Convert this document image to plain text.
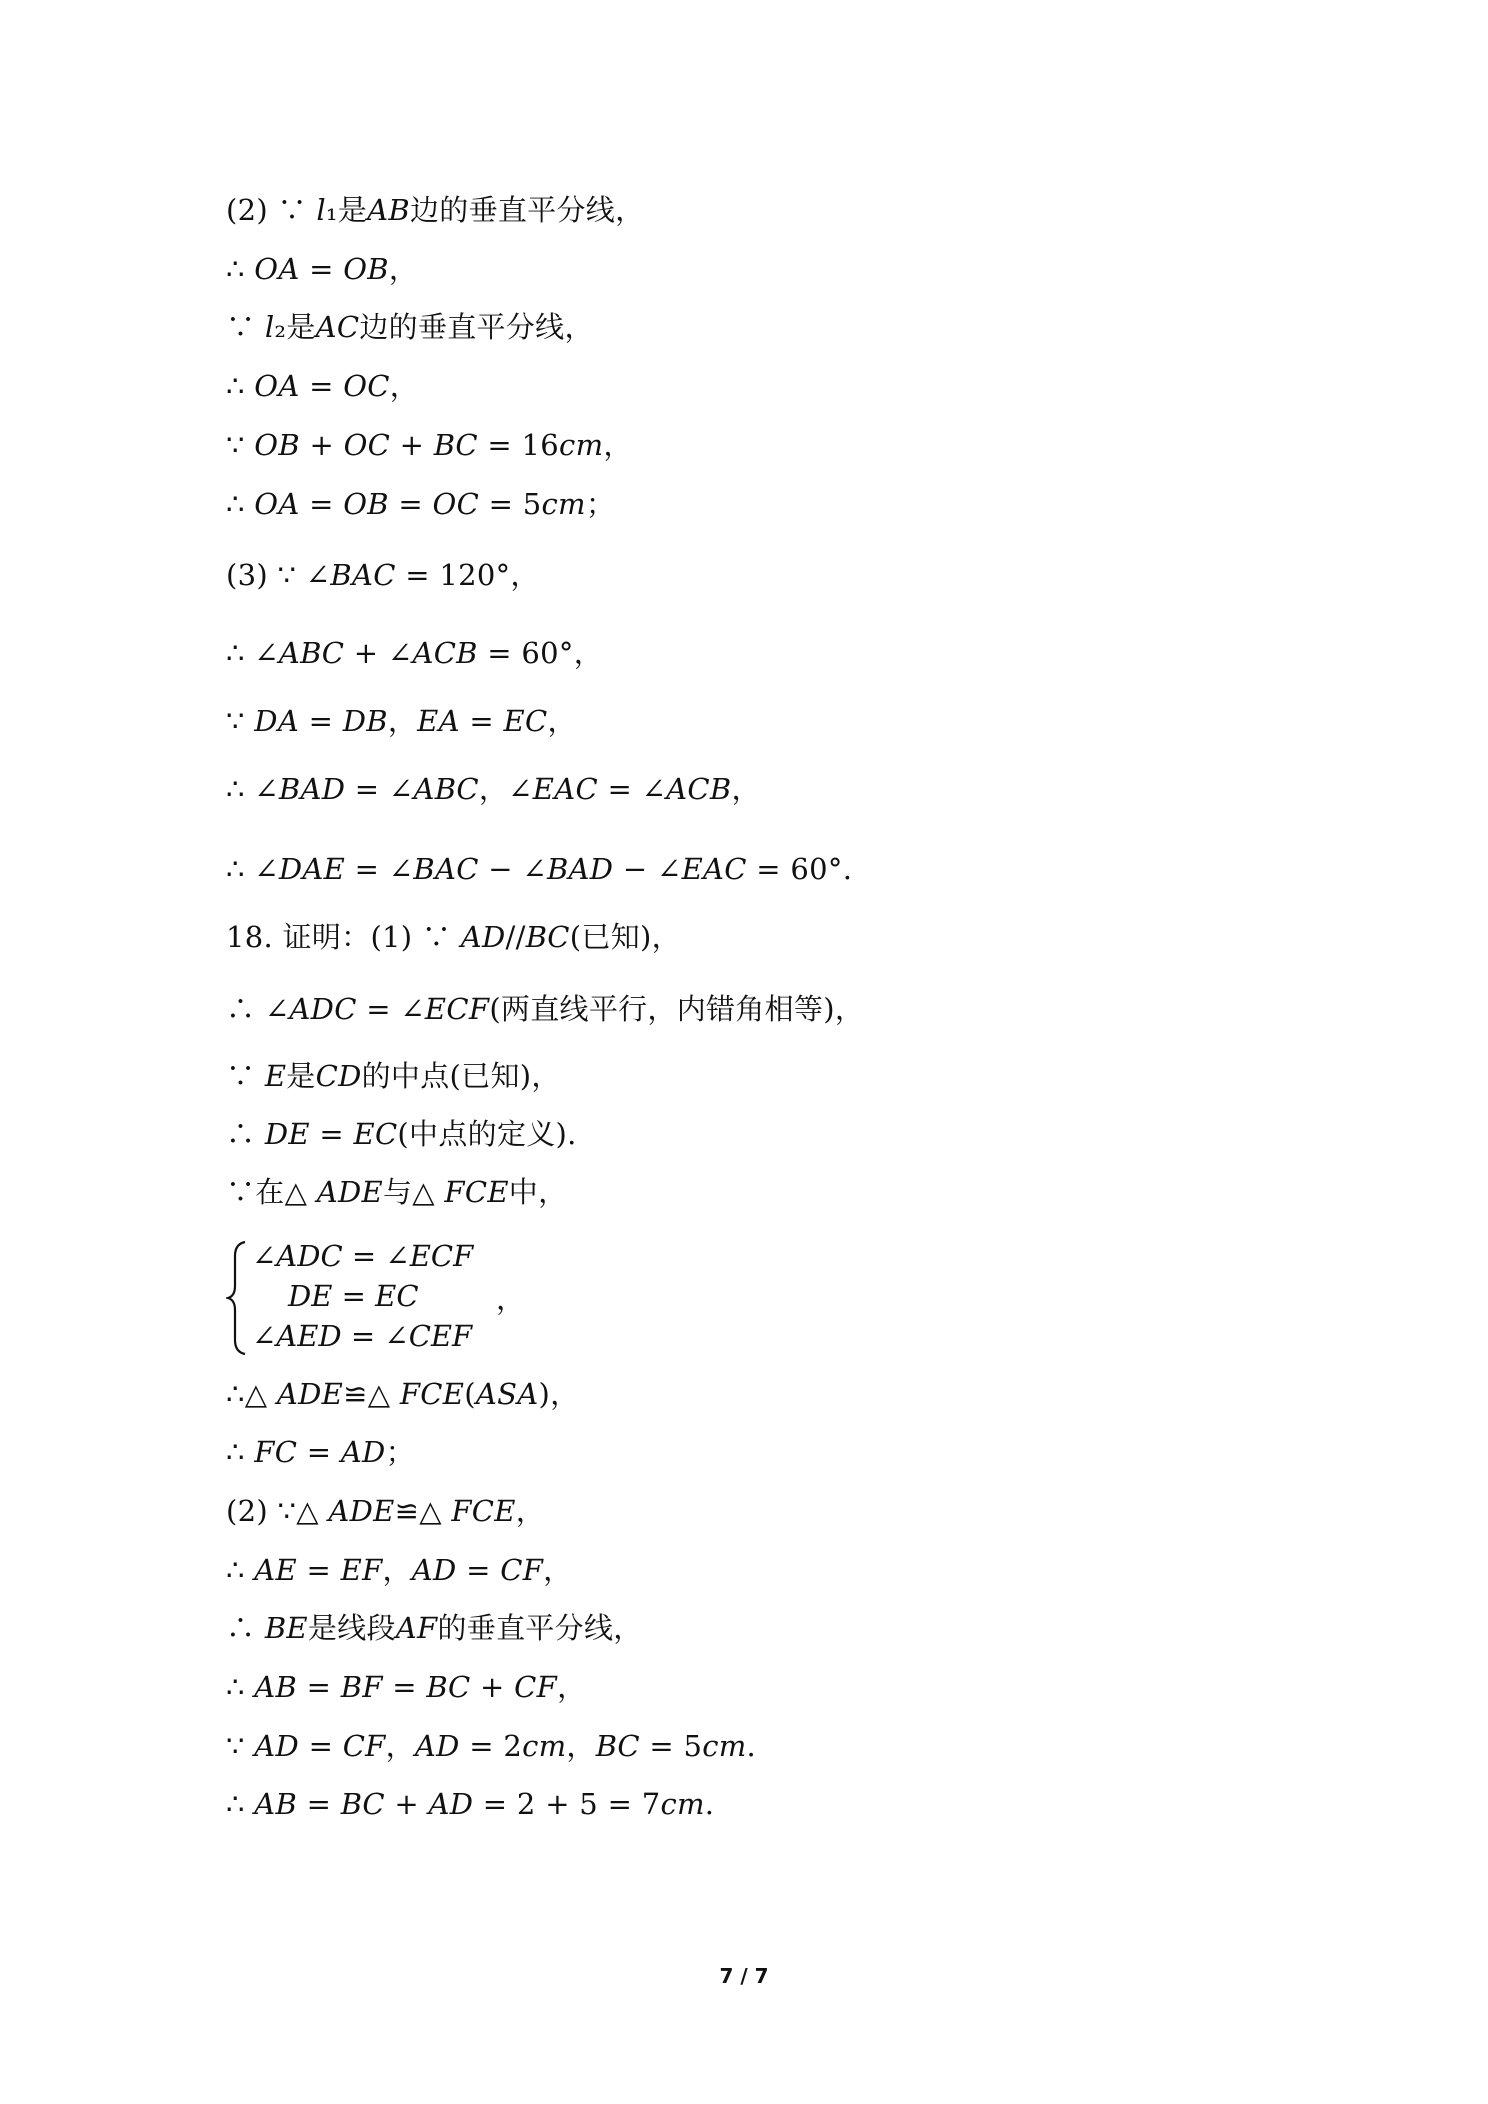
(2) ∵ 𝑙₁是𝐴𝐵边的垂直平分线，
∴ 𝑂𝐴 = 𝑂𝐵，
∵ 𝑙₂是𝐴𝐶边的垂直平分线，
∴ 𝑂𝐴 = 𝑂𝐶，
∵ 𝑂𝐵 + 𝑂𝐶 + 𝐵𝐶 = 16𝑐𝑚，
∴ 𝑂𝐴 = 𝑂𝐵 = 𝑂𝐶 = 5𝑐𝑚；
(3) ∵ ∠𝐵𝐴𝐶 = 120°，
∴ ∠𝐴𝐵𝐶 + ∠𝐴𝐶𝐵 = 60°，
∵ 𝐷𝐴 = 𝐷𝐵，𝐸𝐴 = 𝐸𝐶，
∴ ∠𝐵𝐴𝐷 = ∠𝐴𝐵𝐶，∠𝐸𝐴𝐶 = ∠𝐴𝐶𝐵，
∴ ∠𝐷𝐴𝐸 = ∠𝐵𝐴𝐶 − ∠𝐵𝐴𝐷 − ∠𝐸𝐴𝐶 = 60°.
18. 证明：(1) ∵ 𝐴𝐷//𝐵𝐶(已知)，
∴ ∠𝐴𝐷𝐶 = ∠𝐸𝐶𝐹(两直线平行，内错角相等)，
∵ 𝐸是𝐶𝐷的中点(已知)，
∴ 𝐷𝐸 = 𝐸𝐶(中点的定义).
∵在△ 𝐴𝐷𝐸与△ 𝐹𝐶𝐸中，
∠𝐴𝐷𝐶 = ∠𝐸𝐶𝐹
𝐷𝐸 = 𝐸𝐶
∠𝐴𝐸𝐷 = ∠𝐶𝐸𝐹
，
∴△ 𝐴𝐷𝐸≌△ 𝐹𝐶𝐸(𝐴𝑆𝐴)，
∴ 𝐹𝐶 = 𝐴𝐷；
(2) ∵△ 𝐴𝐷𝐸≌△ 𝐹𝐶𝐸，
∴ 𝐴𝐸 = 𝐸𝐹，𝐴𝐷 = 𝐶𝐹，
∴ 𝐵𝐸是线段𝐴𝐹的垂直平分线，
∴ 𝐴𝐵 = 𝐵𝐹 = 𝐵𝐶 + 𝐶𝐹，
∵ 𝐴𝐷 = 𝐶𝐹，𝐴𝐷 = 2𝑐𝑚，𝐵𝐶 = 5𝑐𝑚.
∴ 𝐴𝐵 = 𝐵𝐶 + 𝐴𝐷 = 2 + 5 = 7𝑐𝑚.
7 / 7
